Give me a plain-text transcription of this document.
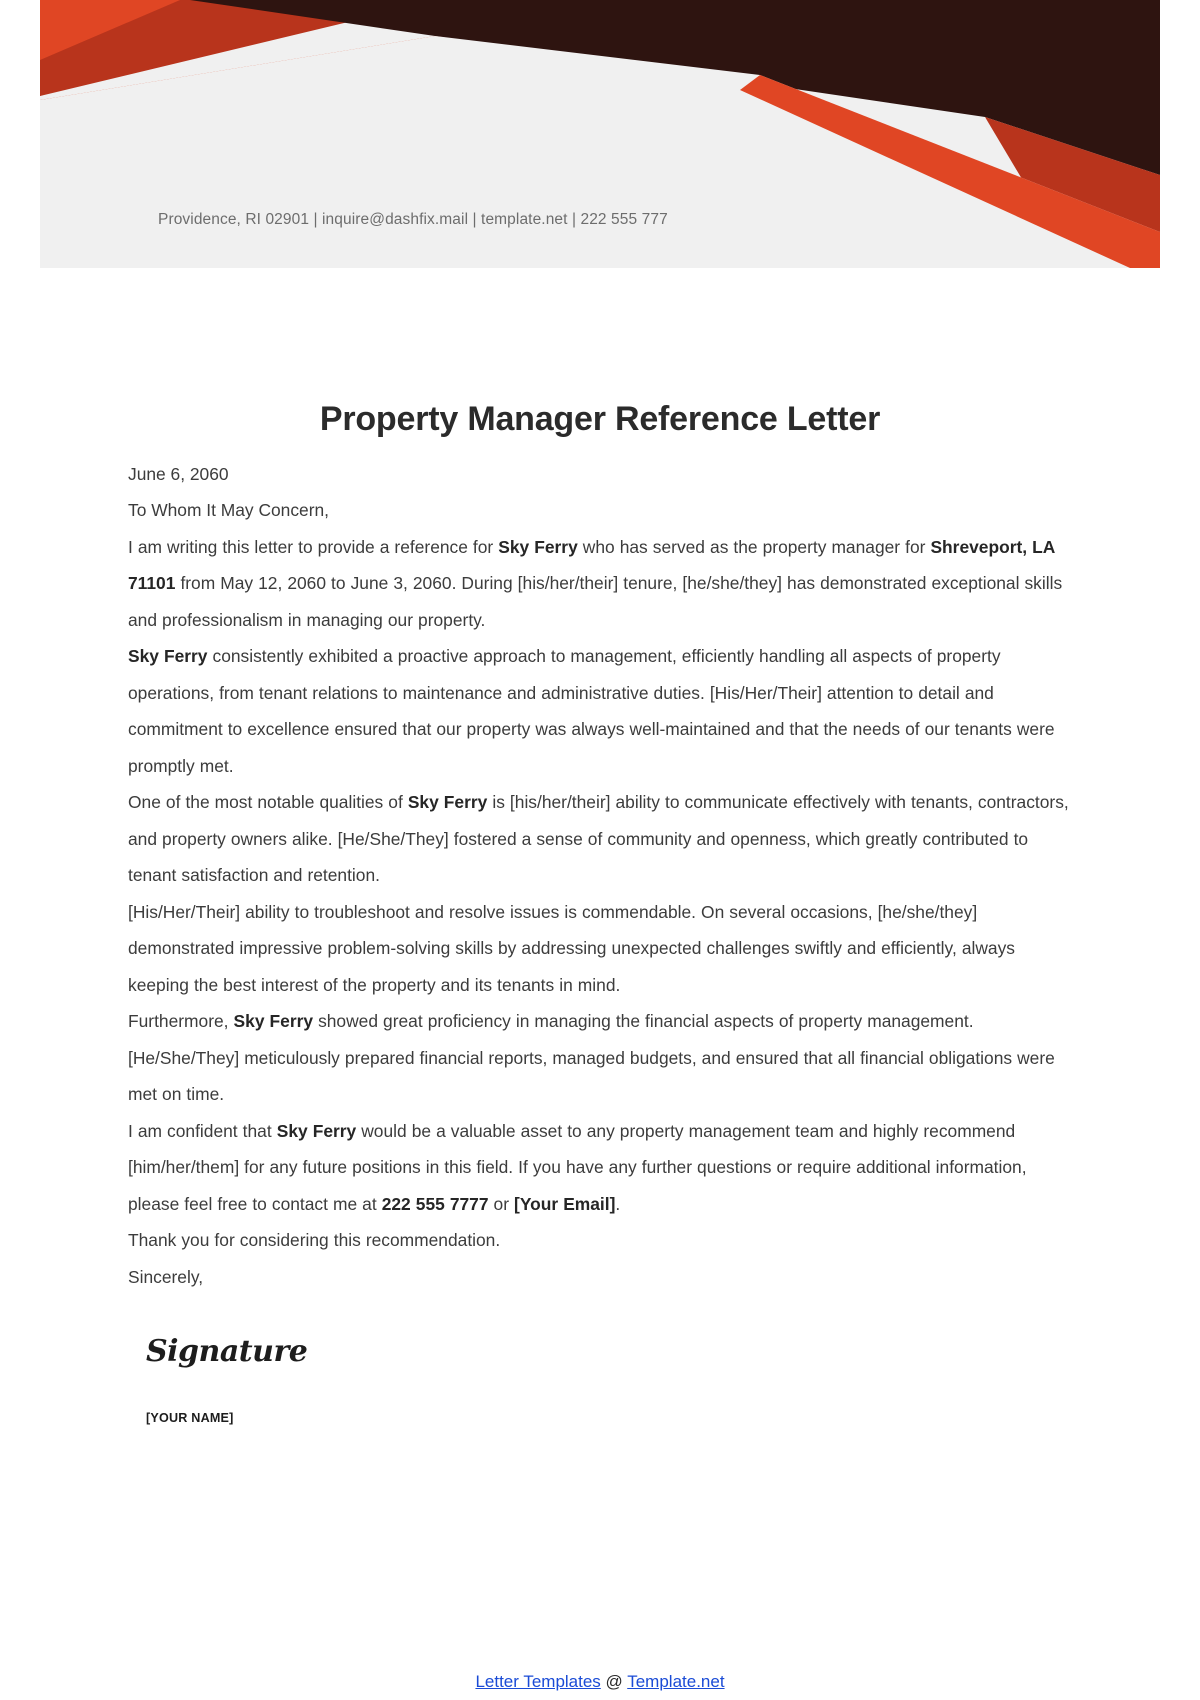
Providence, RI 02901 | inquire@dashfix.mail | template.net | 222 555 777
Property Manager Reference Letter

June 6, 2060

To Whom It May Concern,

I am writing this letter to provide a reference for Sky Ferry who has served as the property manager for Shreveport, LA 71101 from May 12, 2060 to June 3, 2060. During [his/her/their] tenure, [he/she/they] has demonstrated exceptional skills and professionalism in managing our property.

Sky Ferry consistently exhibited a proactive approach to management, efficiently handling all aspects of property operations, from tenant relations to maintenance and administrative duties. [His/Her/Their] attention to detail and commitment to excellence ensured that our property was always well-maintained and that the needs of our tenants were promptly met.

One of the most notable qualities of Sky Ferry is [his/her/their] ability to communicate effectively with tenants, contractors, and property owners alike. [He/She/They] fostered a sense of community and openness, which greatly contributed to tenant satisfaction and retention.

[His/Her/Their] ability to troubleshoot and resolve issues is commendable. On several occasions, [he/she/they] demonstrated impressive problem-solving skills by addressing unexpected challenges swiftly and efficiently, always keeping the best interest of the property and its tenants in mind.

Furthermore, Sky Ferry showed great proficiency in managing the financial aspects of property management. [He/She/They] meticulously prepared financial reports, managed budgets, and ensured that all financial obligations were met on time.

I am confident that Sky Ferry would be a valuable asset to any property management team and highly recommend [him/her/them] for any future positions in this field. If you have any further questions or require additional information, please feel free to contact me at 222 555 7777 or [Your Email].

Thank you for considering this recommendation.

Sincerely,

Signature
[YOUR NAME]
Letter Templates @ Template.net
